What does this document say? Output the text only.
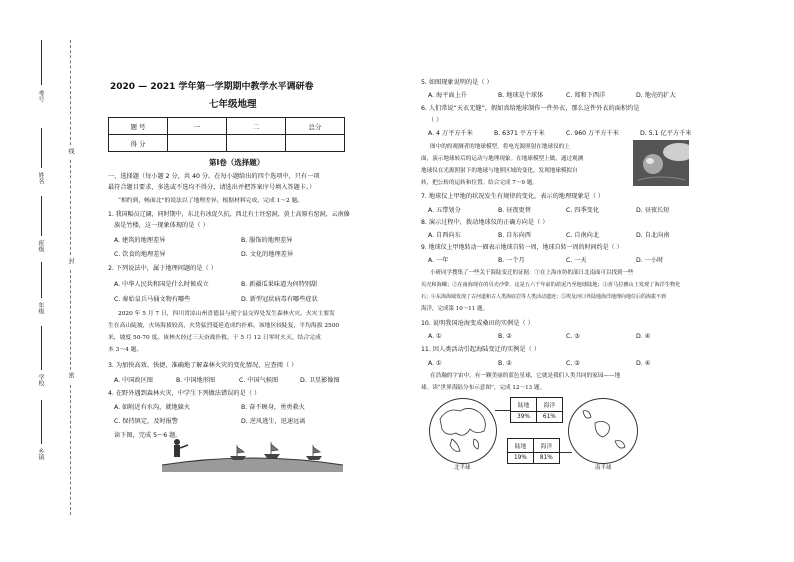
线
封
密
考号
姓名
班级
年级
学校
乡镇
2020 — 2021 学年第一学期期中教学水平调研卷
七年级地理
题 号	一	二	总分
得 分			
第Ⅰ卷（选择题）
一、选择题（每小题 2 分，共 40 分。在每小题给出的四个选项中，只有一项
最符合题目要求，多选或不选均不得分，请选出并把答案序号填入答题卡。）
“相约到，畅面北”的说法以了地理差异。根据材料完成，完成 1～2 题。
1. 我国幅员辽阔，同时期中，东北有冰促久抗，西北有土坯窑洞，黄土高原有窑洞，云南傣
族是竹楼，这一现象体现的是（ ）
A. 建筑的地理差异	B. 服饰的地理差异
C. 饮食的地理差异	D. 文化的地理差异
2. 下列说法中，属于地理问题的是（ ）
A. 中华人民共和国是什么时候成立	B. 新疆瓜果味道为何特别甜
C. 秦始皇兵马俑文物有哪些	D. 新型冠状病毒有哪些症状
2020 年 5 月 7 日，四川省凉山州喜德县与冕宁县交界处发生森林火灾。火灾主要发
生在高山陡坡，火场海拔较高，火势猛烈蔓延造成约扑难。该地区较陡复，平均海拔 2500
米，坡度 50-70 度。该林火经过三天奋战扑救，于 5 月 12 日零时火灭。结合完成
本 3～4 题。
3. 为加快高效、快捷、准确地了解森林火灾的变化情况，应查阅（ ）
A. 中国政区图	B. 中国地形图	C. 中国气候图	D. 卫星影像图
4. 在野外遇到森林火灾，中学生下列做法错误的是（ ）
A. 如附近有水沟，就地躲火	B. 奋不顾身，勇勇救火
C. 保持镇定，及时报警	D. 逆风逃生，迅速远离
读下图，完成 5～6 题。
5. 如图现象说明的是（ ）
A. 海平面上升	B. 地球是个球体	C. 郑和下西洋	D. 地壳的扩大
6. 人们常说“天衣无缝”，假如真给地球制作一件外衣，那么这件外衣的面积约是
（ ）
A. 4 万平方千米	B. 6371 平方千米	C. 960 万平方千米	D. 5.1 亿平方千米
图中的的观测者的地球模型，将电光源照射在地球仪的上
面，演示地球转后的运动与地理现象。在地球模型上做，通过观测
地球仪在光源照射下的地球与地照区域的变化，发现地球模拟自
转，把公转的运转和位置。结合完成 7～9 题。
7. 地球仪上甲地的状况发生有规律的变化，表示的地理现象是（ ）
A. 五带划分	B. 昼夜更替	C. 四季变化	D. 昼夜长短
8. 演示过程中，拨动地球仪的正确方向是（ ）
A. 自西向东	B. 自东向西	C. 自南向北	D. 自北向南
9. 地球仪上甲地转动一圈表示地球自转一周，地球自转一周的时间约是（ ）
A. 一年	B. 一个月	C. 一天	D. 一小时
小研同学搜集了一些关于海陆变迁的证据：①在上海市协的部日北南面可以找到一些
贝壳和海螺；②在南海现在的贝壳沙带，这是五六千年前的淤泥乃至地球陆地；③喜马拉雅山上发现了海洋生物化
石；④东海海域发现了古河道和古人类海底岩等人类活动遗迹；⑤埃及河口外陆地海洋地理向地位后的海拔不到
海洋，完成第 10～11 题。
10. 说明我国沧海变成桑田的实例是（ ）
A. ①	B. ②	C. ③	D. ④
11. 因人类活动引起海陆变迁的实例是（ ）
A. ①	B. ②	C. ③	D. ④
在浩瀚的宇宙中，有一颗美丽的蓝色星球，它就是我们人类共同的家园——地
球。读“世界海陆分布示意图”，完成 12～13 题。
北半球	南半球
陆地	海洋
39%	61%
陆地	海洋
19%	81%
